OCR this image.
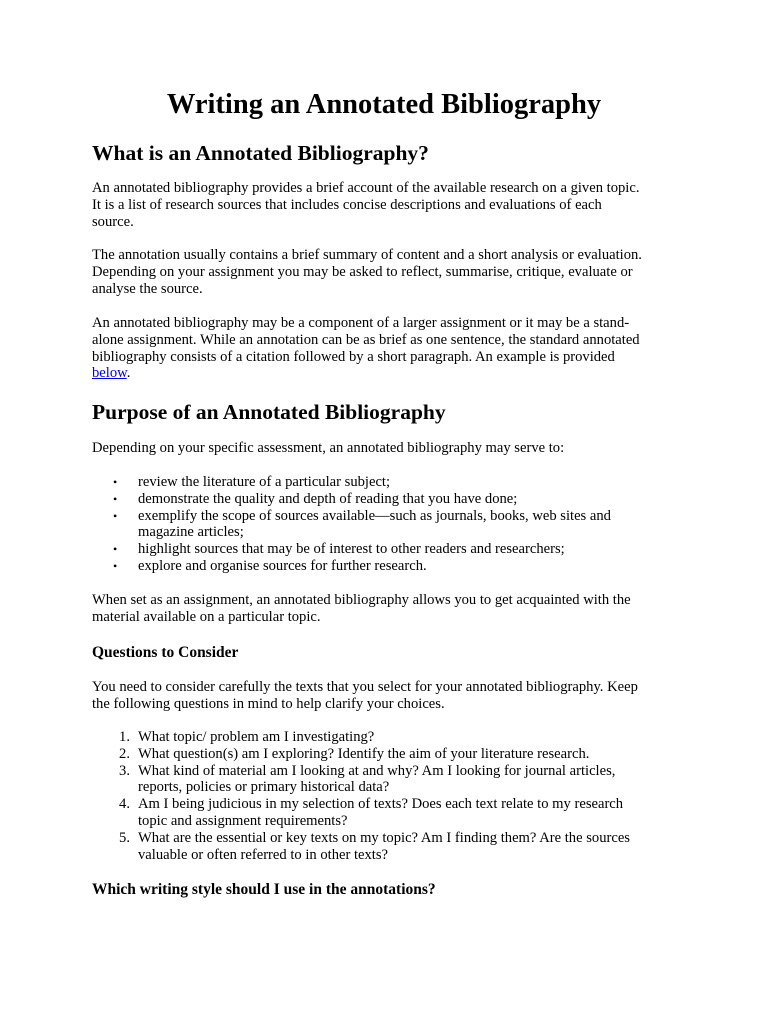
Writing an Annotated Bibliography
What is an Annotated Bibliography?

An annotated bibliography provides a brief account of the available research on a given topic.
It is a list of research sources that includes concise descriptions and evaluations of each
source.

The annotation usually contains a brief summary of content and a short analysis or evaluation.
Depending on your assignment you may be asked to reflect, summarise, critique, evaluate or
analyse the source.

An annotated bibliography may be a component of a larger assignment or it may be a stand-
alone assignment. While an annotation can be as brief as one sentence, the standard annotated
bibliography consists of a citation followed by a short paragraph. An example is provided
below.

Purpose of an Annotated Bibliography

Depending on your specific assessment, an annotated bibliography may serve to:

• review the literature of a particular subject;
• demonstrate the quality and depth of reading that you have done;
• exemplify the scope of sources available—such as journals, books, web sites and
magazine articles;
• highlight sources that may be of interest to other readers and researchers;
• explore and organise sources for further research.

When set as an assignment, an annotated bibliography allows you to get acquainted with the
material available on a particular topic.

Questions to Consider

You need to consider carefully the texts that you select for your annotated bibliography. Keep
the following questions in mind to help clarify your choices.

1. What topic/ problem am I investigating?
2. What question(s) am I exploring? Identify the aim of your literature research.
3. What kind of material am I looking at and why? Am I looking for journal articles,
reports, policies or primary historical data?
4. Am I being judicious in my selection of texts? Does each text relate to my research
topic and assignment requirements?
5. What are the essential or key texts on my topic? Am I finding them? Are the sources
valuable or often referred to in other texts?
Which writing style should I use in the annotations?
